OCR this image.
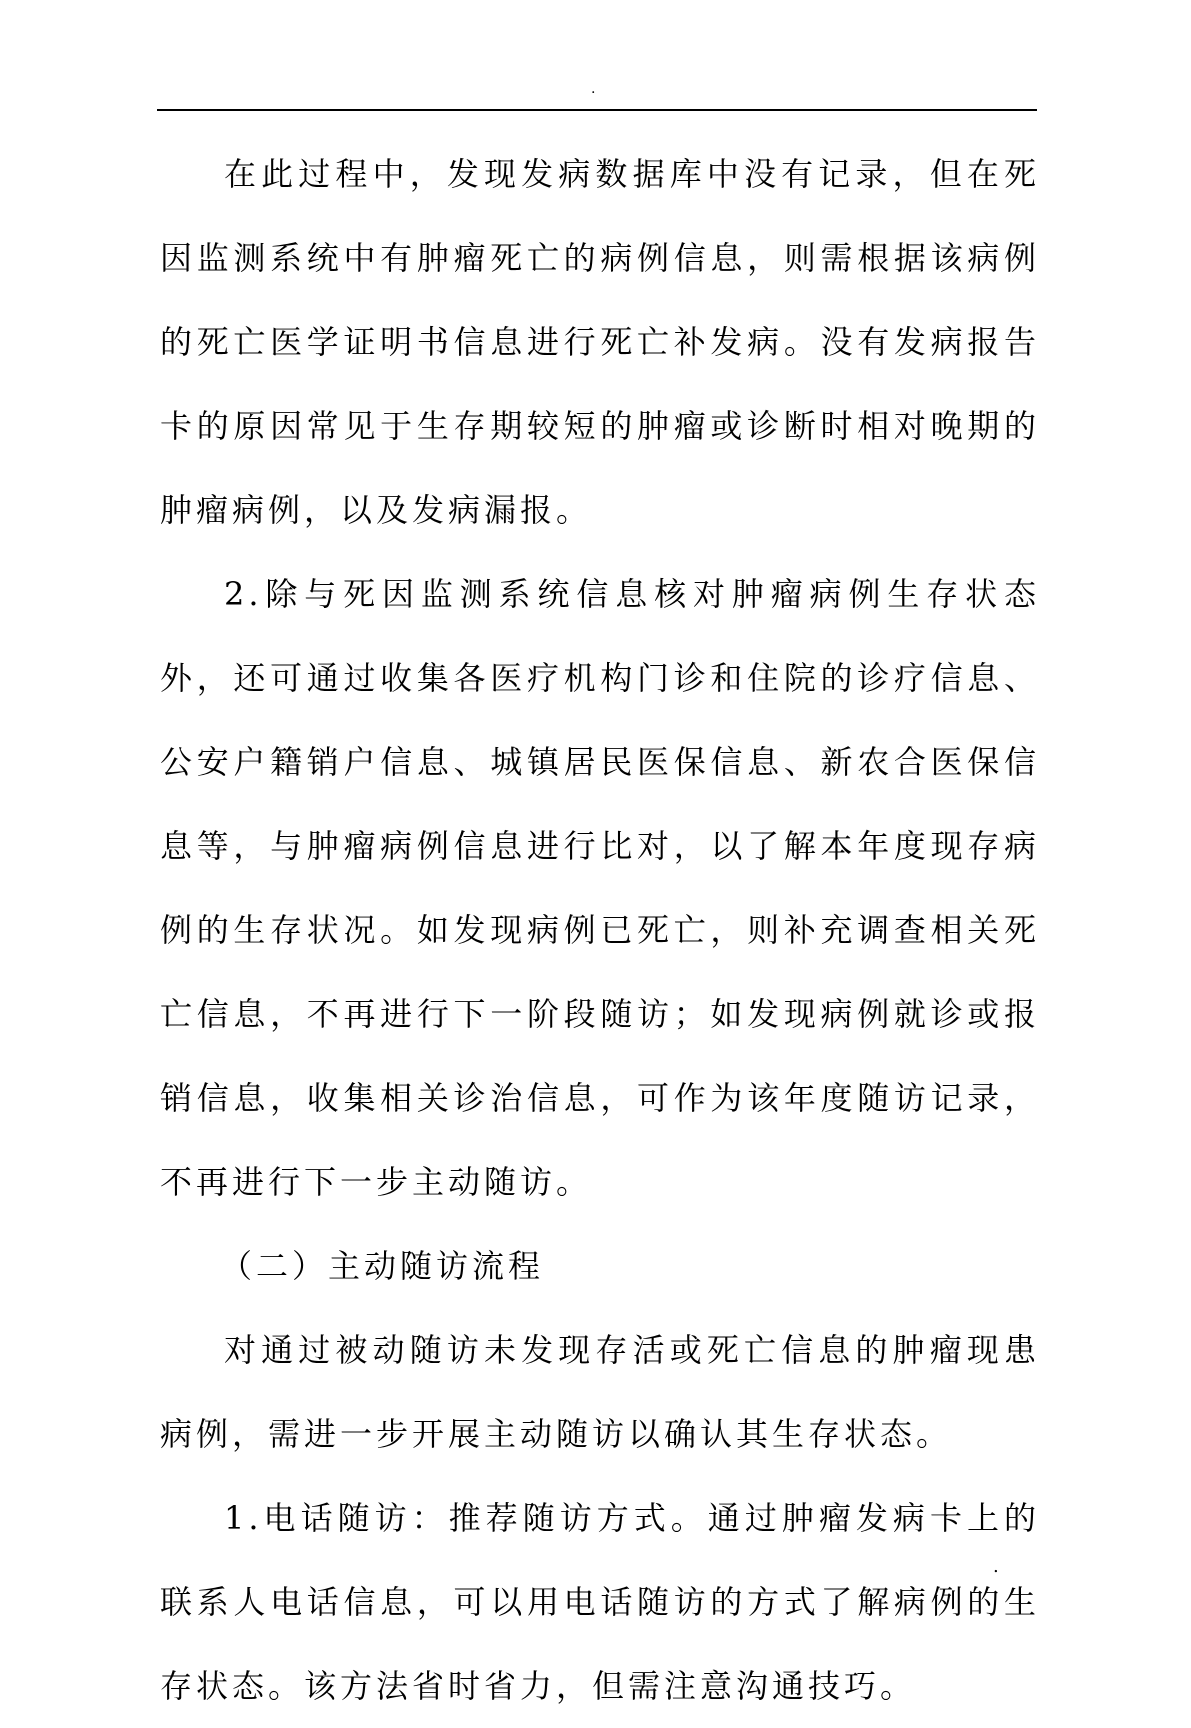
.

在此过程中，发现发病数据库中没有记录，但在死因监测系统中有肿瘤死亡的病例信息，则需根据该病例的死亡医学证明书信息进行死亡补发病。没有发病报告卡的原因常见于生存期较短的肿瘤或诊断时相对晚期的肿瘤病例，以及发病漏报。

2.除与死因监测系统信息核对肿瘤病例生存状态外，还可通过收集各医疗机构门诊和住院的诊疗信息、公安户籍销户信息、城镇居民医保信息、新农合医保信息等，与肿瘤病例信息进行比对，以了解本年度现存病例的生存状况。如发现病例已死亡，则补充调查相关死亡信息，不再进行下一阶段随访；如发现病例就诊或报销信息，收集相关诊治信息，可作为该年度随访记录，不再进行下一步主动随访。

（二）主动随访流程

对通过被动随访未发现存活或死亡信息的肿瘤现患病例，需进一步开展主动随访以确认其生存状态。

1.电话随访：推荐随访方式。通过肿瘤发病卡上的联系人电话信息，可以用电话随访的方式了解病例的生存状态。该方法省时省力，但需注意沟通技巧。

.
